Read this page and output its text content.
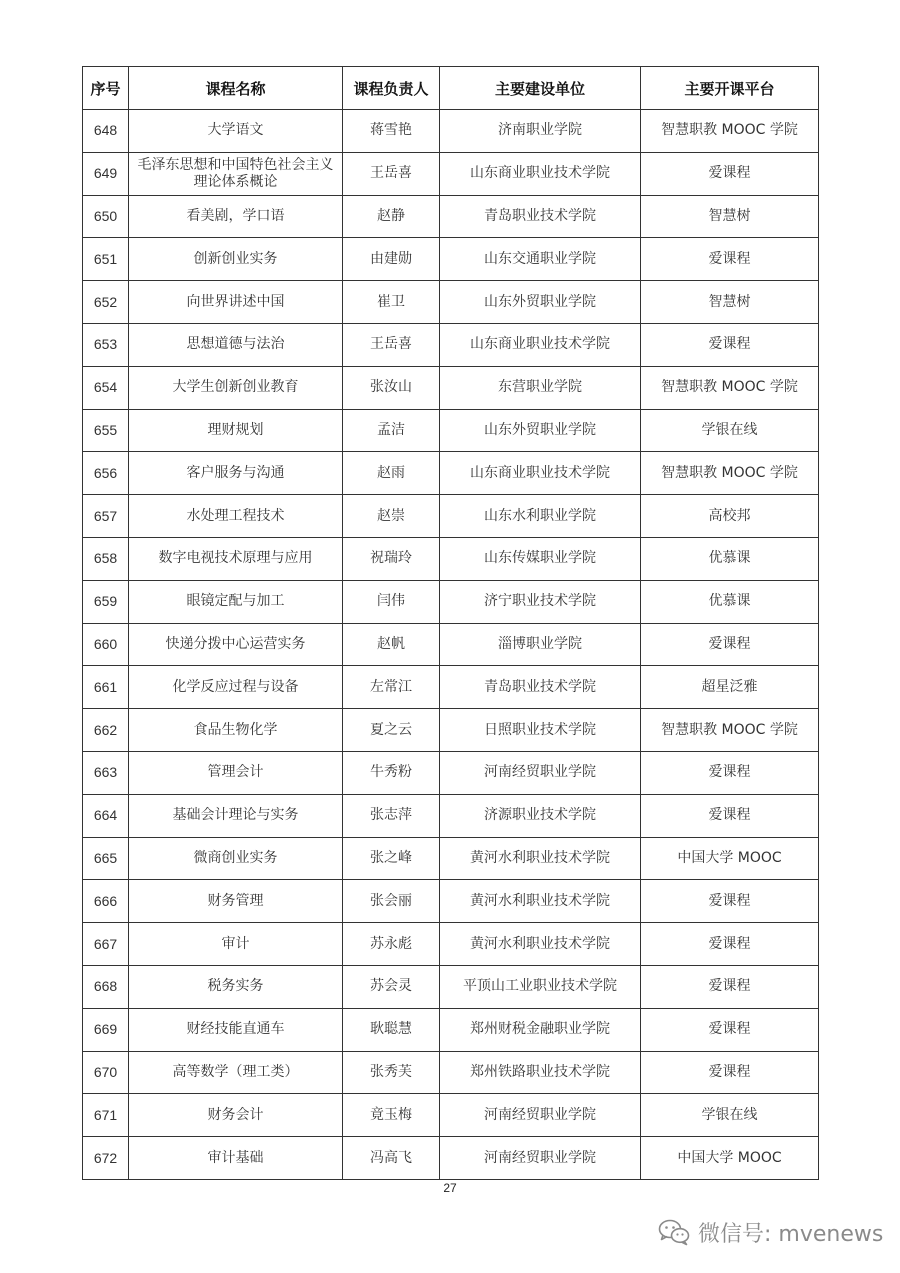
序号	课程名称	课程负责人	主要建设单位	主要开课平台
648	大学语文	蒋雪艳	济南职业学院	智慧职教 MOOC 学院
649	毛泽东思想和中国特色社会主义理论体系概论	王岳喜	山东商业职业技术学院	爱课程
650	看美剧，学口语	赵静	青岛职业技术学院	智慧树
651	创新创业实务	由建勋	山东交通职业学院	爱课程
652	向世界讲述中国	崔卫	山东外贸职业学院	智慧树
653	思想道德与法治	王岳喜	山东商业职业技术学院	爱课程
654	大学生创新创业教育	张汝山	东营职业学院	智慧职教 MOOC 学院
655	理财规划	孟洁	山东外贸职业学院	学银在线
656	客户服务与沟通	赵雨	山东商业职业技术学院	智慧职教 MOOC 学院
657	水处理工程技术	赵崇	山东水利职业学院	高校邦
658	数字电视技术原理与应用	祝瑞玲	山东传媒职业学院	优慕课
659	眼镜定配与加工	闫伟	济宁职业技术学院	优慕课
660	快递分拨中心运营实务	赵帆	淄博职业学院	爱课程
661	化学反应过程与设备	左常江	青岛职业技术学院	超星泛雅
662	食品生物化学	夏之云	日照职业技术学院	智慧职教 MOOC 学院
663	管理会计	牛秀粉	河南经贸职业学院	爱课程
664	基础会计理论与实务	张志萍	济源职业技术学院	爱课程
665	微商创业实务	张之峰	黄河水利职业技术学院	中国大学 MOOC
666	财务管理	张会丽	黄河水利职业技术学院	爱课程
667	审计	苏永彪	黄河水利职业技术学院	爱课程
668	税务实务	苏会灵	平顶山工业职业技术学院	爱课程
669	财经技能直通车	耿聪慧	郑州财税金融职业学院	爱课程
670	高等数学（理工类）	张秀芙	郑州铁路职业技术学院	爱课程
671	财务会计	竟玉梅	河南经贸职业学院	学银在线
672	审计基础	冯高飞	河南经贸职业学院	中国大学 MOOC
27
微信号: mvenews
